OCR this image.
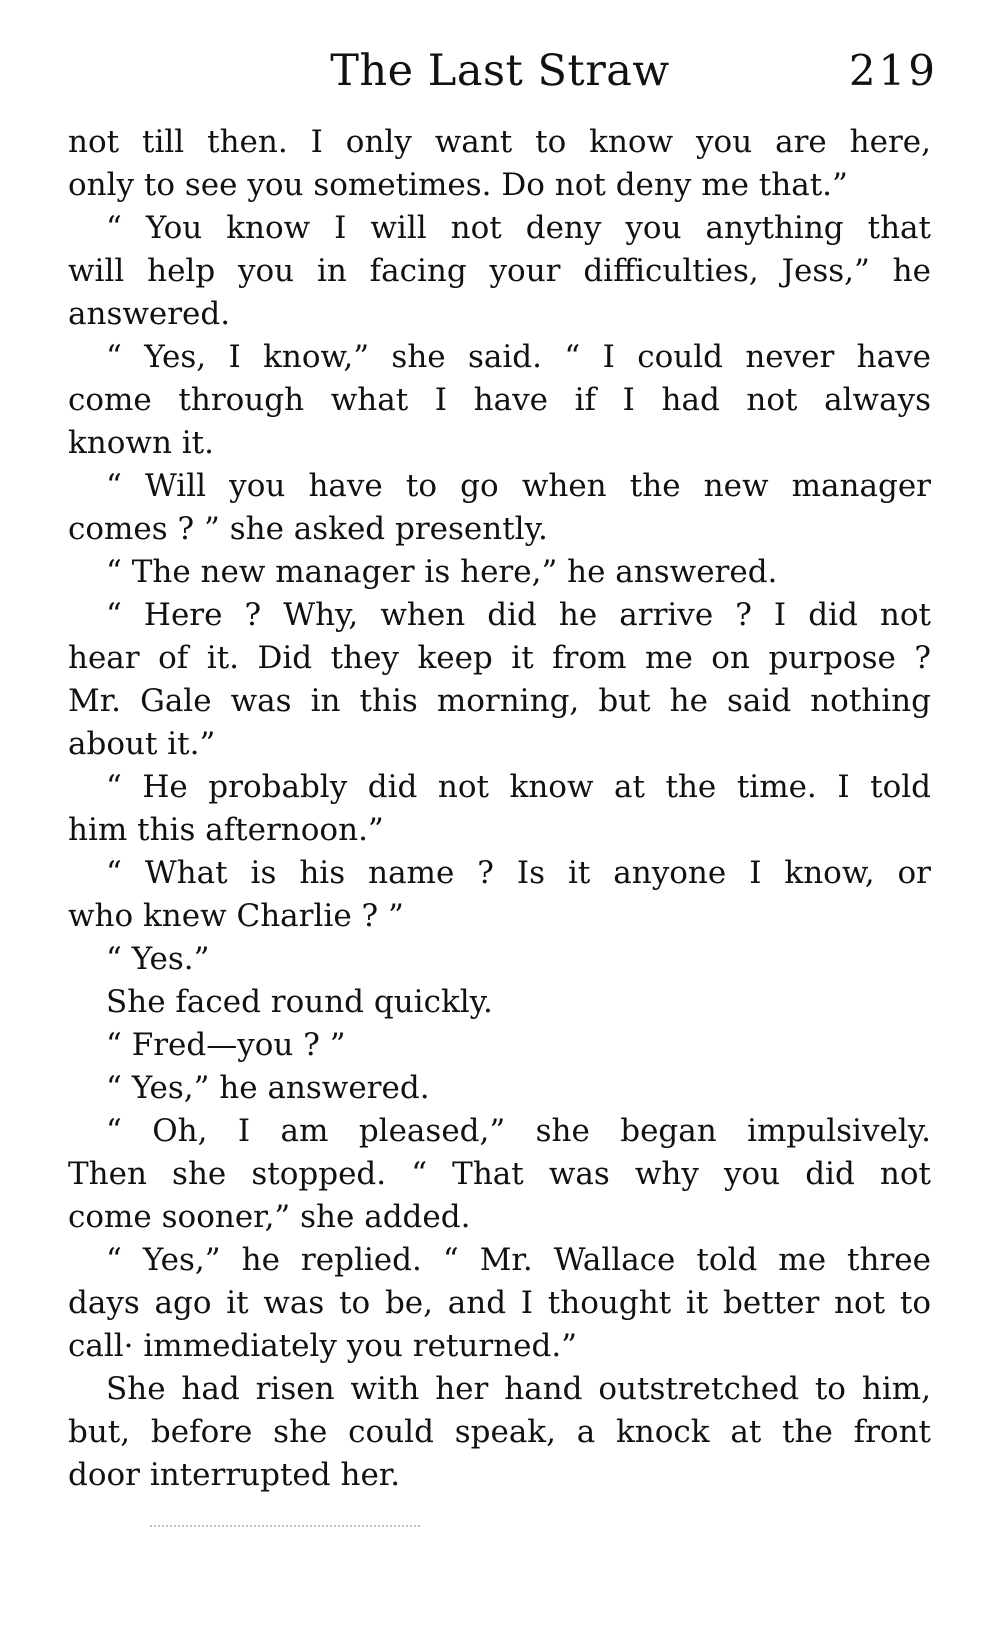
The Last Straw	219
not till then. I only want to know you are here,
only to see you sometimes. Do not deny me that.”
“ You know I will not deny you anything that
will help you in facing your difficulties, Jess,” he
answered.
“ Yes, I know,” she said. “ I could never have
come through what I have if I had not always
known it.
“ Will you have to go when the new manager
comes ? ” she asked presently.
“ The new manager is here,” he answered.
“ Here ? Why, when did he arrive ? I did not
hear of it. Did they keep it from me on purpose ?
Mr. Gale was in this morning, but he said nothing
about it.”
“ He probably did not know at the time. I told
him this afternoon.”
“ What is his name ? Is it anyone I know, or
who knew Charlie ? ”
“ Yes.”
She faced round quickly.
“ Fred—you ? ”
“ Yes,” he answered.
“ Oh, I am pleased,” she began impulsively.
Then she stopped. “ That was why you did not
come sooner,” she added.
“ Yes,” he replied. “ Mr. Wallace told me three
days ago it was to be, and I thought it better not to
call· immediately you returned.”
She had risen with her hand outstretched to him,
but, before she could speak, a knock at the front
door interrupted her.
